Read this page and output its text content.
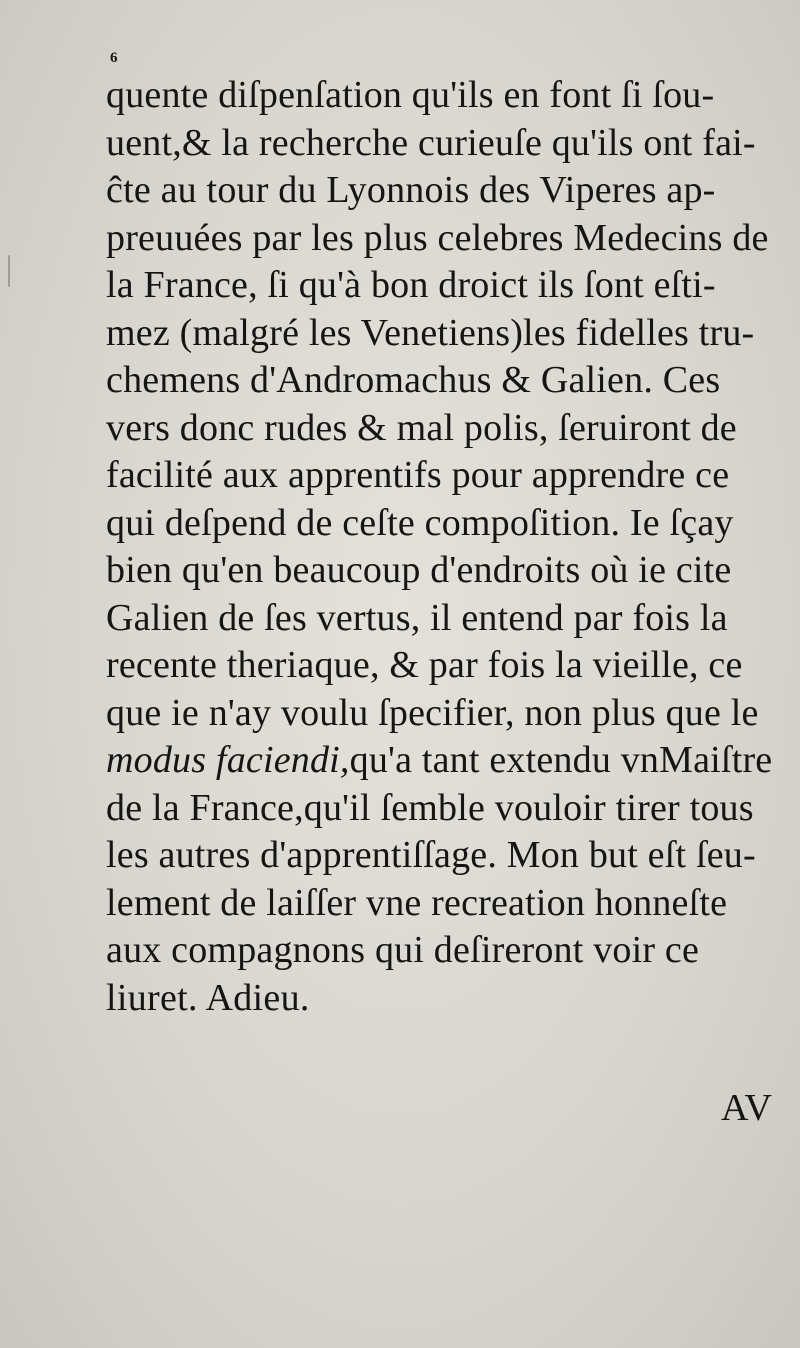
6
quente diſpenſation qu'ils en font ſi ſou-
uent,& la recherche curieuſe qu'ils ont fai-
ĉte au tour du Lyonnois des Viperes ap-
preuuées par les plus celebres Medecins de
la France, ſi qu'à bon droict ils ſont eſti-
mez (malgré les Venetiens)les fidelles tru-
chemens d'Andromachus & Galien. Ces
vers donc rudes & mal polis, ſeruiront de
facilité aux apprentifs pour apprendre ce
qui deſpend de ceſte compoſition. Ie ſçay
bien qu'en beaucoup d'endroits où ie cite
Galien de ſes vertus, il entend par fois la
recente theriaque, & par fois la vieille, ce
que ie n'ay voulu ſpecifier, non plus que le
modus faciendi,qu'a tant extendu vnMaiſtre
de la France,qu'il ſemble vouloir tirer tous
les autres d'apprentiſſage. Mon but eſt ſeu-
lement de laiſſer vne recreation honneſte
aux compagnons qui deſireront voir ce
liuret. Adieu.
AV
